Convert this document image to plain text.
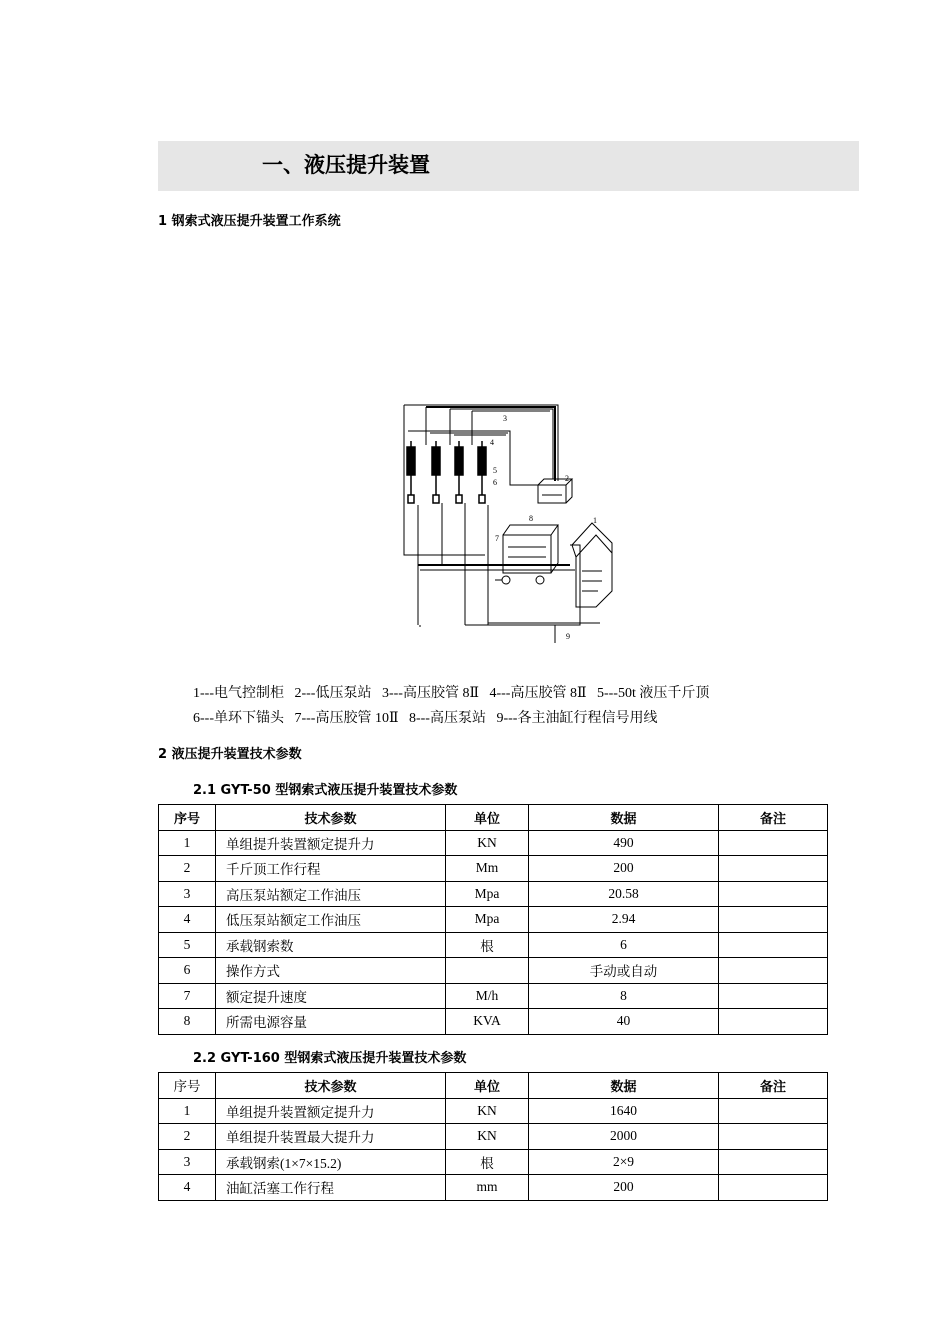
一、液压提升装置
1 钢索式液压提升装置工作系统
1
2
3
4
5
6
7
8
9
1---电气控制柜   2---低压泵站   3---高压胶管 8Ⅱ   4---高压胶管 8Ⅱ   5---50t 液压千斤顶
6---单环下锚头   7---高压胶管 10Ⅱ   8---高压泵站   9---各主油缸行程信号用线
2 液压提升装置技术参数
2.1 GYT-50 型钢索式液压提升装置技术参数
序号	技术参数	单位	数据	备注
1	单组提升装置额定提升力	KN	490	
2	千斤顶工作行程	Mm	200	
3	高压泵站额定工作油压	Mpa	20.58	
4	低压泵站额定工作油压	Mpa	2.94	
5	承载钢索数	根	6	
6	操作方式		手动或自动	
7	额定提升速度	M/h	8	
8	所需电源容量	KVA	40	
2.2 GYT-160 型钢索式液压提升装置技术参数
序号	技术参数	单位	数据	备注
1	单组提升装置额定提升力	KN	1640	
2	单组提升装置最大提升力	KN	2000	
3	承载钢索(1×7×15.2)	根	2×9	
4	油缸活塞工作行程	mm	200	
